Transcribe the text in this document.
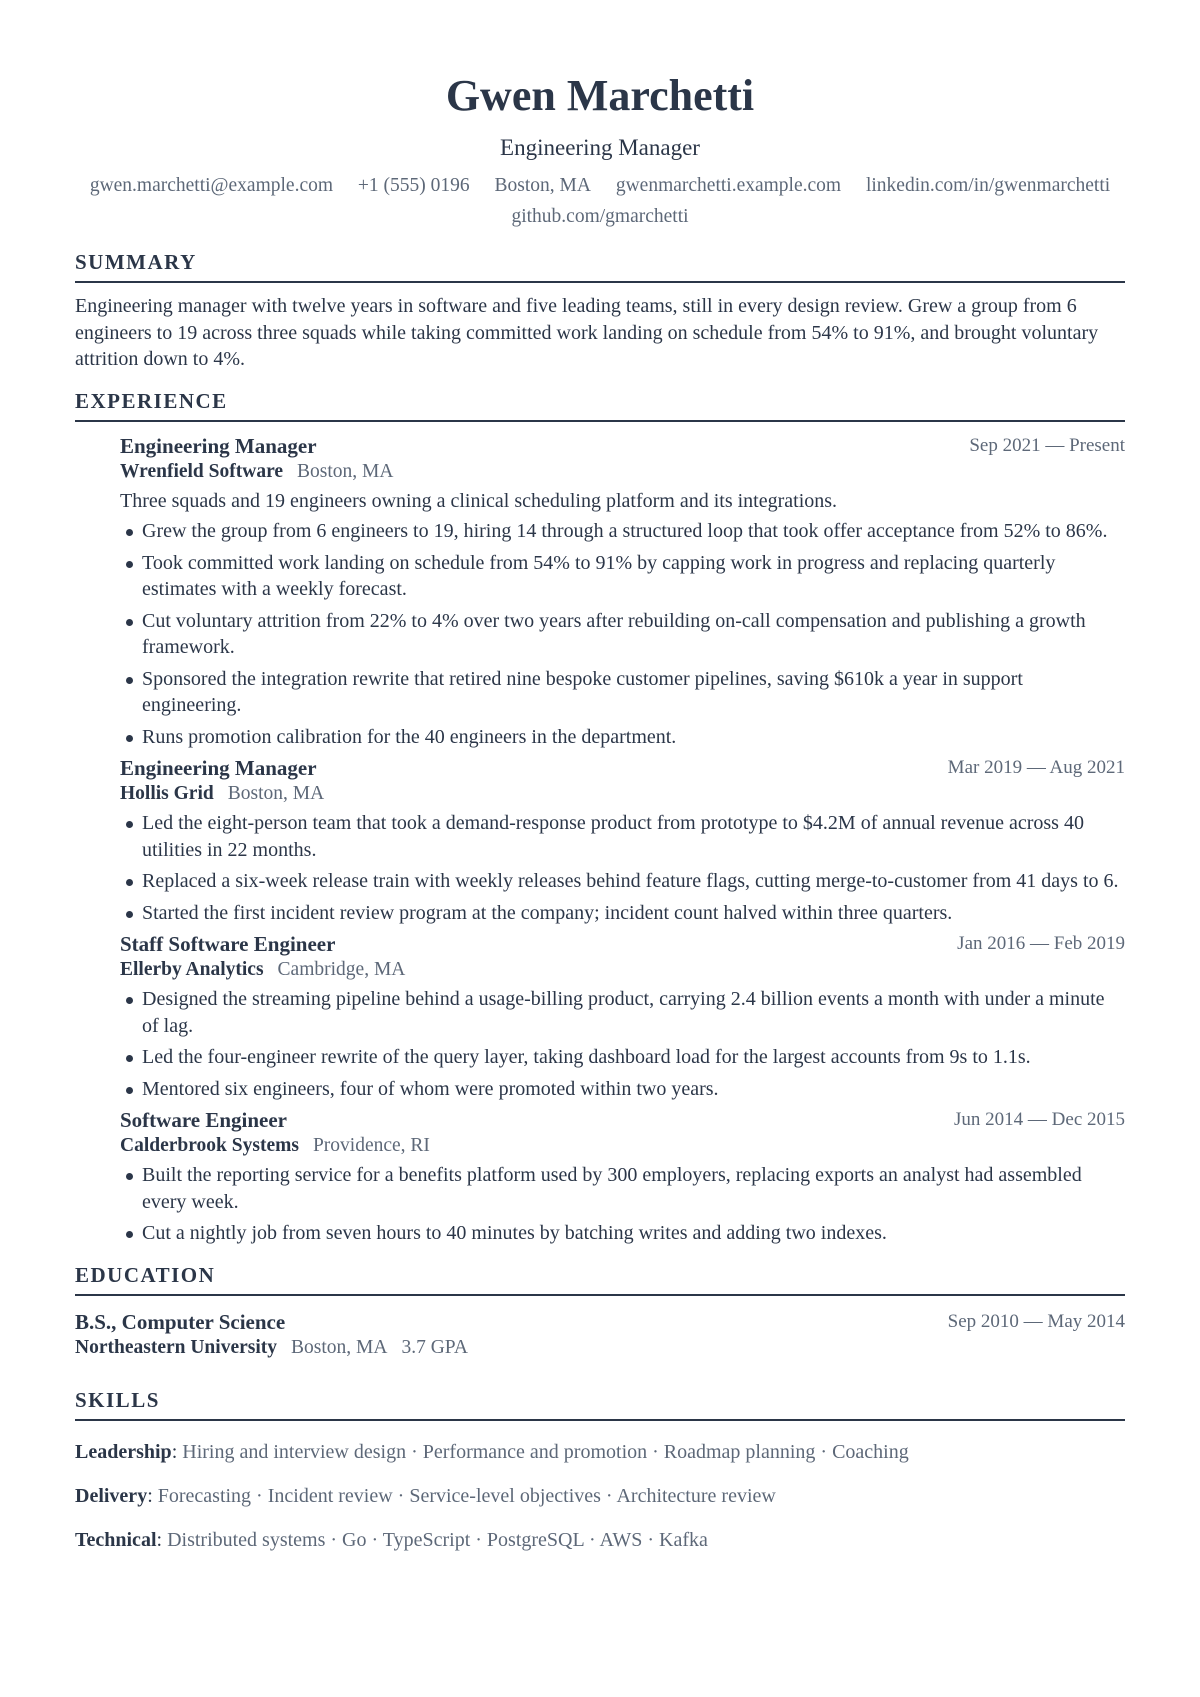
Gwen Marchetti
Engineering Manager
gwen.marchetti@example.com +1 (555) 0196 Boston, MA gwenmarchetti.example.com linkedin.com/in/gwenmarchetti github.com/gmarchetti
SUMMARY
Engineering manager with twelve years in software and five leading teams, still in every design review. Grew a group from 6 engineers to 19 across three squads while taking committed work landing on schedule from 54% to 91%, and brought voluntary attrition down to 4%.
EXPERIENCE
Engineering Manager	Sep 2021 — Present
Wrenfield Software Boston, MA
Three squads and 19 engineers owning a clinical scheduling platform and its integrations.
Grew the group from 6 engineers to 19, hiring 14 through a structured loop that took offer acceptance from 52% to 86%.
Took committed work landing on schedule from 54% to 91% by capping work in progress and replacing quarterly estimates with a weekly forecast.
Cut voluntary attrition from 22% to 4% over two years after rebuilding on-call compensation and publishing a growth framework.
Sponsored the integration rewrite that retired nine bespoke customer pipelines, saving $610k a year in support engineering.
Runs promotion calibration for the 40 engineers in the department.
Engineering Manager	Mar 2019 — Aug 2021
Hollis Grid Boston, MA
Led the eight-person team that took a demand-response product from prototype to $4.2M of annual revenue across 40 utilities in 22 months.
Replaced a six-week release train with weekly releases behind feature flags, cutting merge-to-customer from 41 days to 6.
Started the first incident review program at the company; incident count halved within three quarters.
Staff Software Engineer	Jan 2016 — Feb 2019
Ellerby Analytics Cambridge, MA
Designed the streaming pipeline behind a usage-billing product, carrying 2.4 billion events a month with under a minute of lag.
Led the four-engineer rewrite of the query layer, taking dashboard load for the largest accounts from 9s to 1.1s.
Mentored six engineers, four of whom were promoted within two years.
Software Engineer	Jun 2014 — Dec 2015
Calderbrook Systems Providence, RI
Built the reporting service for a benefits platform used by 300 employers, replacing exports an analyst had assembled every week.
Cut a nightly job from seven hours to 40 minutes by batching writes and adding two indexes.
EDUCATION
B.S., Computer Science	Sep 2010 — May 2014
Northeastern University Boston, MA 3.7 GPA
SKILLS
Leadership: Hiring and interview design · Performance and promotion · Roadmap planning · Coaching
Delivery: Forecasting · Incident review · Service-level objectives · Architecture review
Technical: Distributed systems · Go · TypeScript · PostgreSQL · AWS · Kafka
